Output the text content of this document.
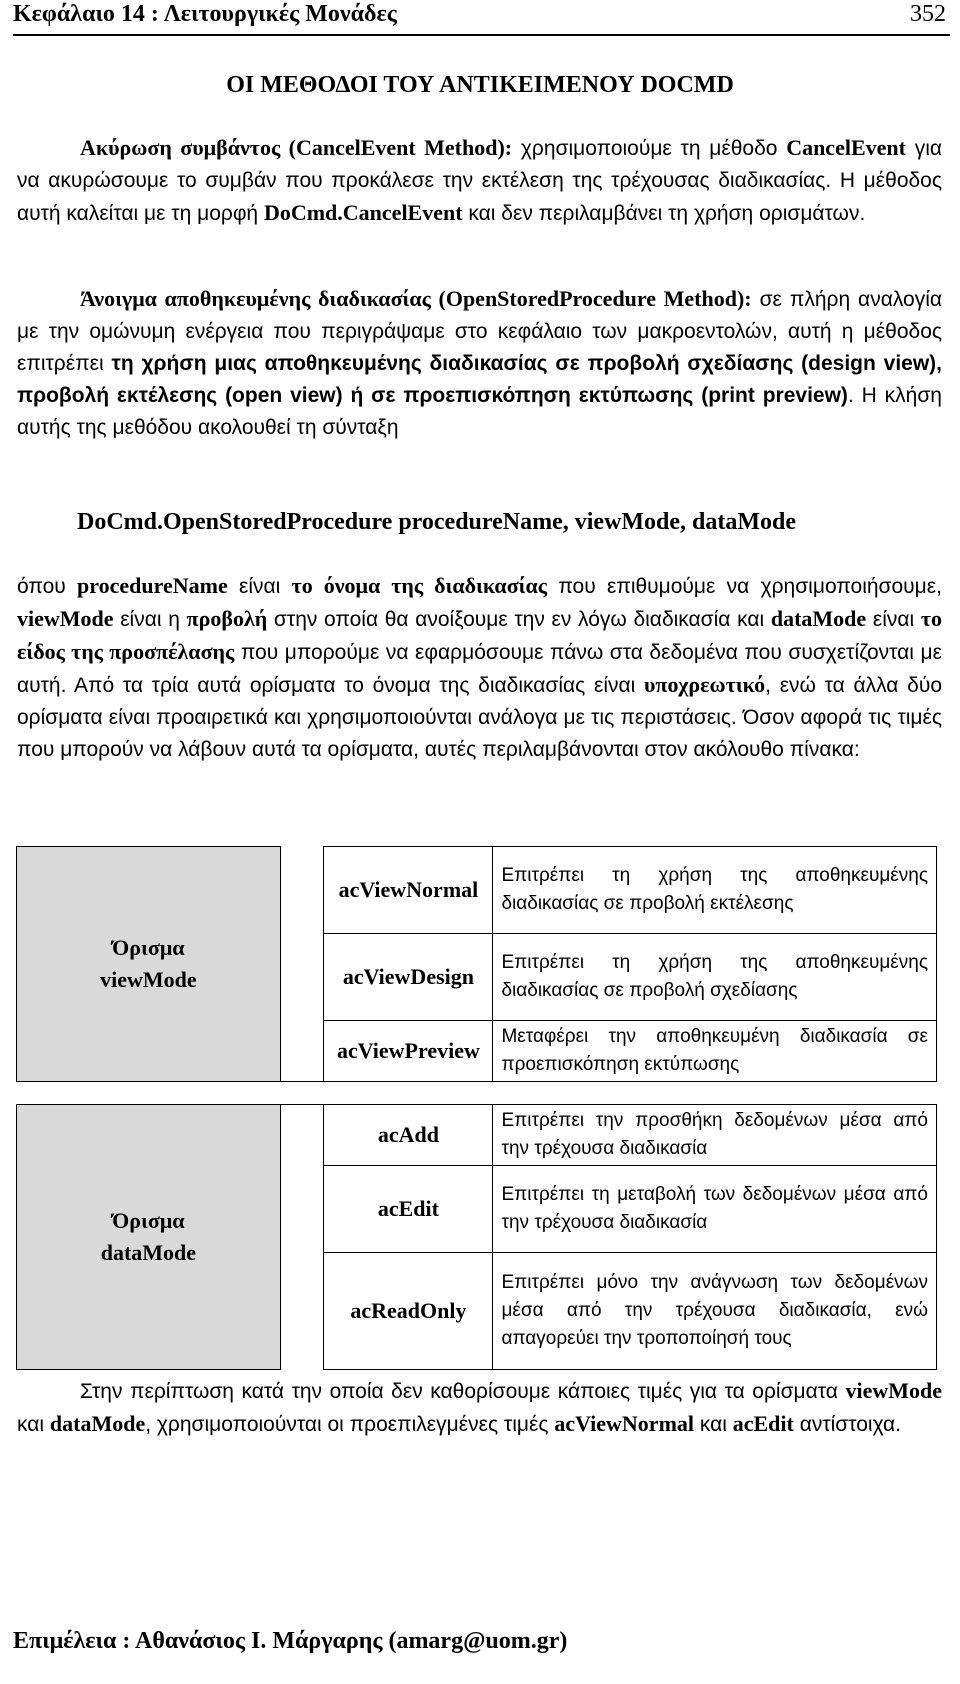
Κεφάλαιο 14 : Λειτουργικές Μονάδες	352
ΟΙ ΜΕΘΟΔΟΙ ΤΟΥ ΑΝΤΙΚΕΙΜΕΝΟΥ DOCMD

   Ακύρωση συμβάντος (CancelEvent Method): χρησιμοποιούμε τη μέθοδο CancelEvent για να ακυρώσουμε το συμβάν που προκάλεσε την εκτέλεση της τρέχουσας διαδικασίας. Η μέθοδος αυτή καλείται με τη μορφή DoCmd.CancelEvent και δεν περιλαμβάνει τη χρήση ορισμάτων.

   Άνοιγμα αποθηκευμένης διαδικασίας (OpenStoredProcedure Method): σε πλήρη αναλογία με την ομώνυμη ενέργεια που περιγράψαμε στο κεφάλαιο των μακροεντολών, αυτή η μέθοδος επιτρέπει τη χρήση μιας αποθηκευμένης διαδικασίας σε προβολή σχεδίασης (design view), προβολή εκτέλεσης (open view) ή σε προεπισκόπηση εκτύπωσης (print preview). Η κλήση αυτής της μεθόδου ακολουθεί τη σύνταξη

DoCmd.OpenStoredProcedure procedureName, viewMode, dataMode

όπου procedureName είναι το όνομα της διαδικασίας που επιθυμούμε να χρησιμοποιήσουμε, viewMode είναι η προβολή στην οποία θα ανοίξουμε την εν λόγω διαδικασία και dataMode είναι το είδος της προσπέλασης που μπορούμε να εφαρμόσουμε πάνω στα δεδομένα που συσχετίζονται με αυτή. Από τα τρία αυτά ορίσματα το όνομα της διαδικασίας είναι υποχρεωτικό, ενώ τα άλλα δύο ορίσματα είναι προαιρετικά και χρησιμοποιούνται ανάλογα με τις περιστάσεις. Όσον αφορά τις τιμές που μπορούν να λάβουν αυτά τα ορίσματα, αυτές περιλαμβάνονται στον ακόλουθο πίνακα:

Όρισμα
viewMode		acViewNormal	Επιτρέπει τη χρήση της αποθηκευμένης διαδικασίας σε προβολή εκτέλεσης
		acViewDesign	Επιτρέπει τη χρήση της αποθηκευμένης διαδικασίας σε προβολή σχεδίασης
		acViewPreview	Μεταφέρει την αποθηκευμένη διαδικασία σε προεπισκόπηση εκτύπωσης

Όρισμα
dataMode		acAdd	Επιτρέπει την προσθήκη δεδομένων μέσα από την τρέχουσα διαδικασία
		acEdit	Επιτρέπει τη μεταβολή των δεδομένων μέσα από την τρέχουσα διαδικασία
		acReadOnly	Επιτρέπει μόνο την ανάγνωση των δεδομένων μέσα από την τρέχουσα διαδικασία, ενώ απαγορεύει την τροποποίησή τους

   Στην περίπτωση κατά την οποία δεν καθορίσουμε κάποιες τιμές για τα ορίσματα viewMode και dataMode, χρησιμοποιούνται οι προεπιλεγμένες τιμές acViewNormal και acEdit αντίστοιχα.

Επιμέλεια : Αθανάσιος Ι. Μάργαρης (amarg@uom.gr)
